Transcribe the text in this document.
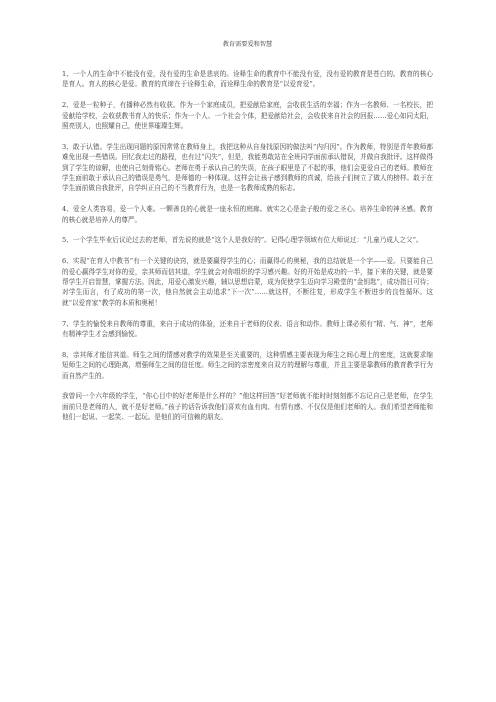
教育需要爱和智慧

1、一个人的生命中不能没有爱，没有爱的生命是悲哀的。诠释生命的教育中不能没有爱，没有爱的教育是苍白的。教育的核心是育人。育人的核心是爱。教育的真谛在于诠释生命，而诠释生命的教育是“以爱育爱”。

2、爱是一粒种子，有播种必然有收获。作为一个家庭成员，把爱献给家庭，会收获生活的幸福；作为一名教师、一名校长，把爱献给学校，会收获教书育人的快乐；作为一个人、一个社会个体，把爱献给社会，会收获来自社会的回报……爱心如同太阳，照亮别人，也照耀自己，使世界璀璨生辉。

3、敢于认错。学生出现问题的原因常常在教师身上，我把这种从自身找原因的做法叫“内归因”。作为教师，特别是青年教师都难免出现一些错误。回忆我走过的路程，也有过“闪失”，但是，我能勇敢站在全班同学面前承认错误，并做自我批评。这样做得到了学生的谅解，也使自己刻骨铭心。老师在勇于承认自己的失误，在孩子眼里是了不起的事，他们会更爱自己的老师。教师在学生面前敢于承认自己的错误是勇气，是师德的一种体现。这样会让孩子感到教师的真诚，给孩子们树立了做人的榜样。敢于在学生面前做自我批评，自学纠正自己的不当教育行为，也是一名教师成熟的标志。

4、爱全人类容易，爱一个人难。一颗善良的心就是一座永恒的庭廊。就实之心是金子般的爱之圣心。培养生命的神圣感。教育的核心就是培养人的尊严。

5、一个学生毕业后议论过去的老师，首先说的就是“这个人是我好的”。记得心理学领域有位大师说过：“儿童乃成人之父”。

6、实现“在育人中教书”有一个关键的诀窍，就是要赢得学生的心；而赢得心的奥秘，我的总结就是一个字——爱。只要能自己的爱心赢得学生对你的爱，亲其师而信其道，学生就会对你组织的学习感兴趣。好的开始是成功的一半，接下来的关键，就是要帮学生开启智慧，掌握方法。因此，用爱心激发兴趣，辅以思想启蒙，成为促使学生迈向学习殿堂的“金钥匙”，成功指日可待；对学生而言，有了成功的第一次，他自然就会主动追求“下一次”……就这样，不断往复，形成学生不断进步的良性循环。这就“以爱育家”教学的本质和奥秘！

7、学生的愉悦来自教师的尊重，来自于成功的体验，还来自于老师的仪表、语言和动作。教师上课必须有“精、气、神”，老师有精神学生才会感到愉悦。

8、亲其师才能信其道。师生之间的情感对教学的效果是至关重要的，这种情感主要表现为师生之间心理上的密度，这就要求缩短师生之间的心理距离，增强师生之间的信任度。师生之间的亲密度来自双方的理解与尊重，并且主要是靠教师的教育教学行为而自然产生的。

我曾问一个六年级的学生，“你心目中的好老师是什么样的？”他这样回答“好老师就不能时时刻刻都不忘记自己是老师，在学生面前只是老师的人，就不是好老师。”孩子的话告诉我他们喜欢有血有肉、有情有感、不仅仅是他们老师的人。我们希望老师能和他们一起说、一起笑、一起玩。是他们的可信赖的朋友。
